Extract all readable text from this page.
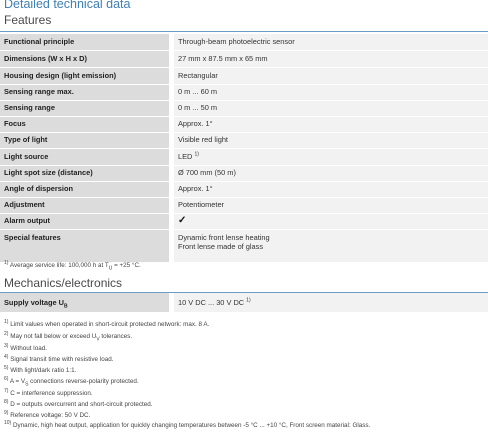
Detailed technical data
Features
Functional principle	Through-beam photoelectric sensor
Dimensions (W x H x D)	27 mm x 87.5 mm x 65 mm
Housing design (light emission)	Rectangular
Sensing range max.	0 m ... 60 m
Sensing range	0 m ... 50 m
Focus	Approx. 1°
Type of light	Visible red light
Light source	LED $^{1)}$
Light spot size (distance)	Ø 700 mm (50 m)
Angle of dispersion	Approx. 1°
Adjustment	Potentiometer
Alarm output	✓
Special features	Dynamic front lense heating
Front lense made of glass
$^{1)}$ Average service life: 100,000 h at $T_U = +25$ °C.
Mechanics/electronics
Supply voltage $U_B$	10 V DC ... 30 V DC $^{1)}$
$^{1)}$ Limit values when operated in short-circuit protected network: max. 8 A.
$^{2)}$ May not fall below or exceed $U_V$ tolerances.
$^{3)}$ Without load.
$^{4)}$ Signal transit time with resistive load.
$^{5)}$ With light/dark ratio 1:1.
$^{6)}$ $A = V_S$ connections reverse-polarity protected.
$^{7)}$ C = interference suppression.
$^{8)}$ D = outputs overcurrent and short-circuit protected.
$^{9)}$ Reference voltage: 50 V DC.
$^{10)}$ Dynamic, high heat output, application for quickly changing temperatures between -5 °C ... +10 °C, Front screen material: Glass.
